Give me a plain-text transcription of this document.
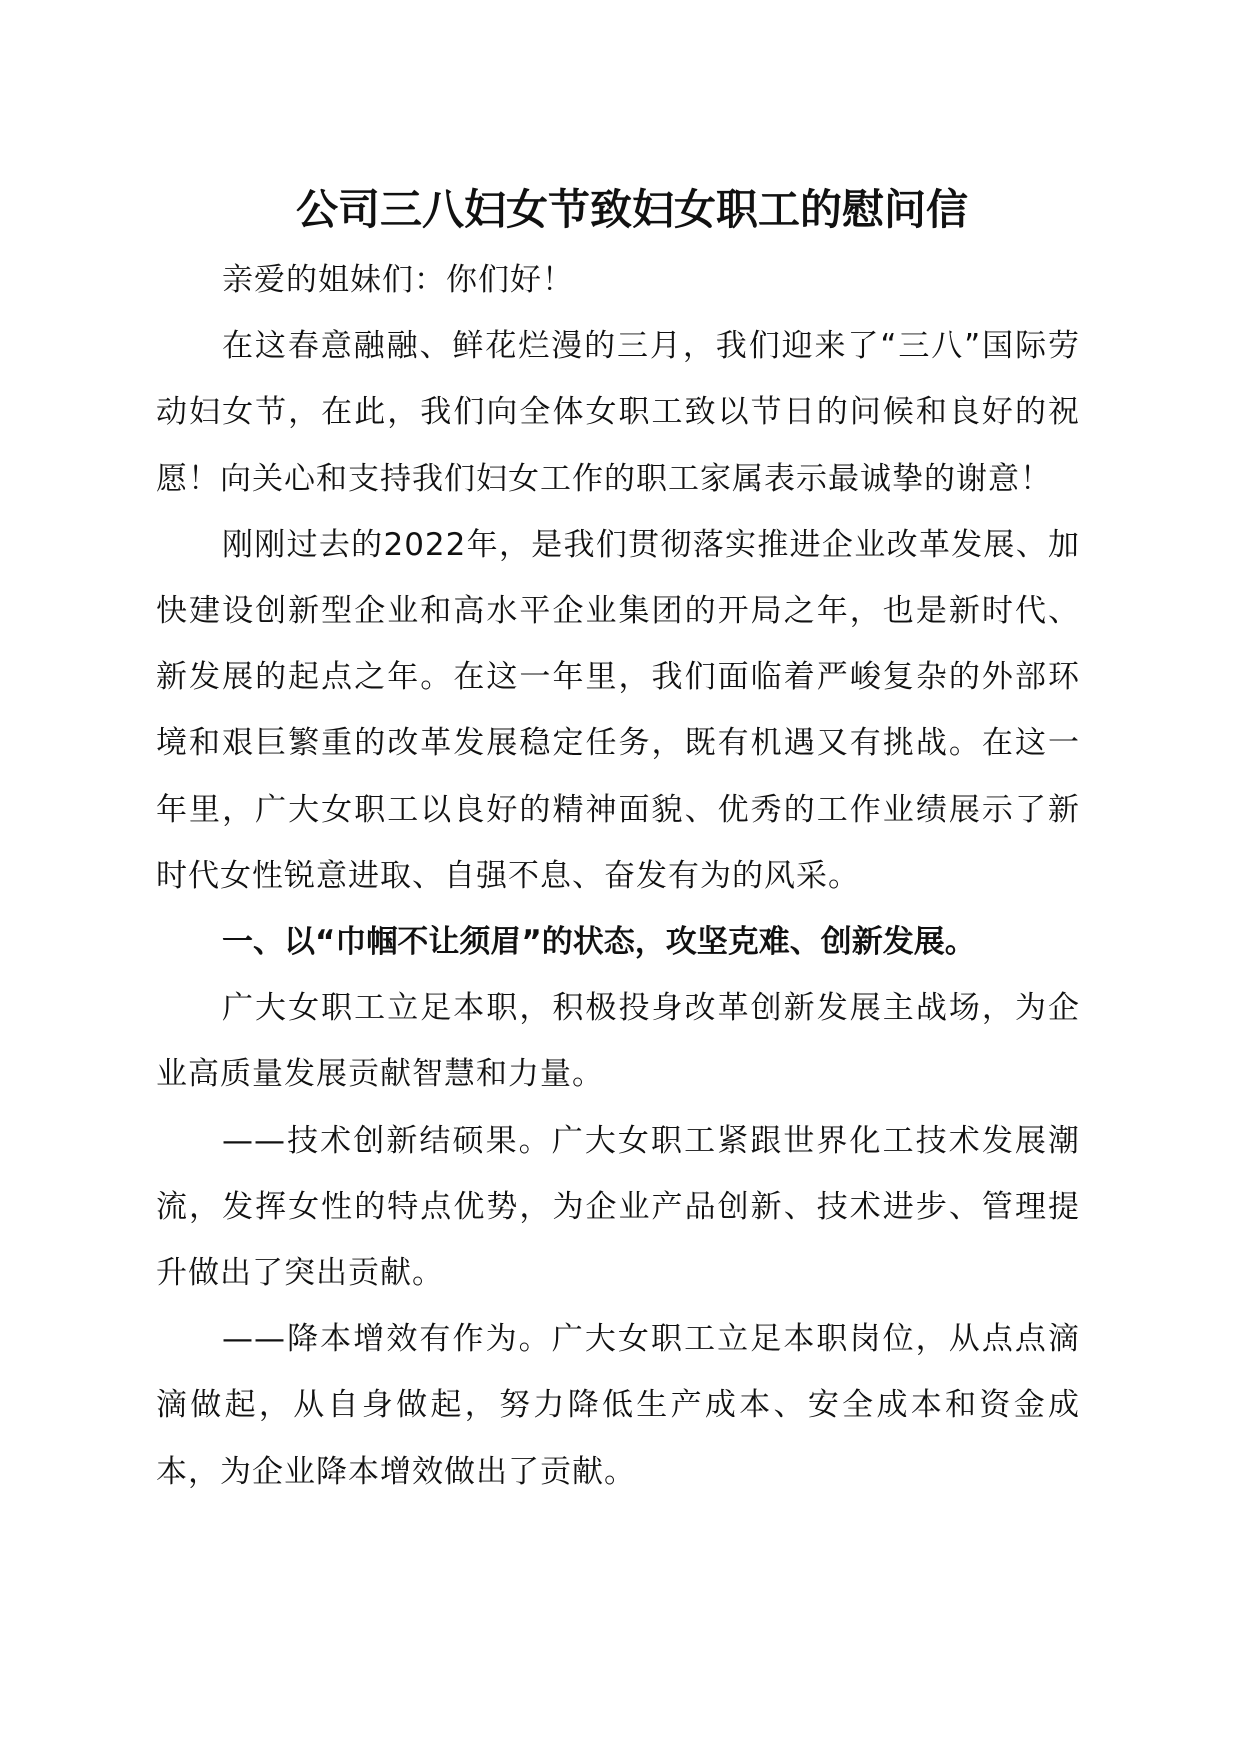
公司三八妇女节致妇女职工的慰问信

亲爱的姐妹们：你们好！

在这春意融融、鲜花烂漫的三月，我们迎来了“三八”国际劳动妇女节，在此，我们向全体女职工致以节日的问候和良好的祝愿！向关心和支持我们妇女工作的职工家属表示最诚挚的谢意！

刚刚过去的2022年，是我们贯彻落实推进企业改革发展、加快建设创新型企业和高水平企业集团的开局之年，也是新时代、新发展的起点之年。在这一年里，我们面临着严峻复杂的外部环境和艰巨繁重的改革发展稳定任务，既有机遇又有挑战。在这一年里，广大女职工以良好的精神面貌、优秀的工作业绩展示了新时代女性锐意进取、自强不息、奋发有为的风采。

一、以“巾帼不让须眉”的状态，攻坚克难、创新发展。

广大女职工立足本职，积极投身改革创新发展主战场，为企业高质量发展贡献智慧和力量。

——技术创新结硕果。广大女职工紧跟世界化工技术发展潮流，发挥女性的特点优势，为企业产品创新、技术进步、管理提升做出了突出贡献。

——降本增效有作为。广大女职工立足本职岗位，从点点滴滴做起，从自身做起，努力降低生产成本、安全成本和资金成本，为企业降本增效做出了贡献。
